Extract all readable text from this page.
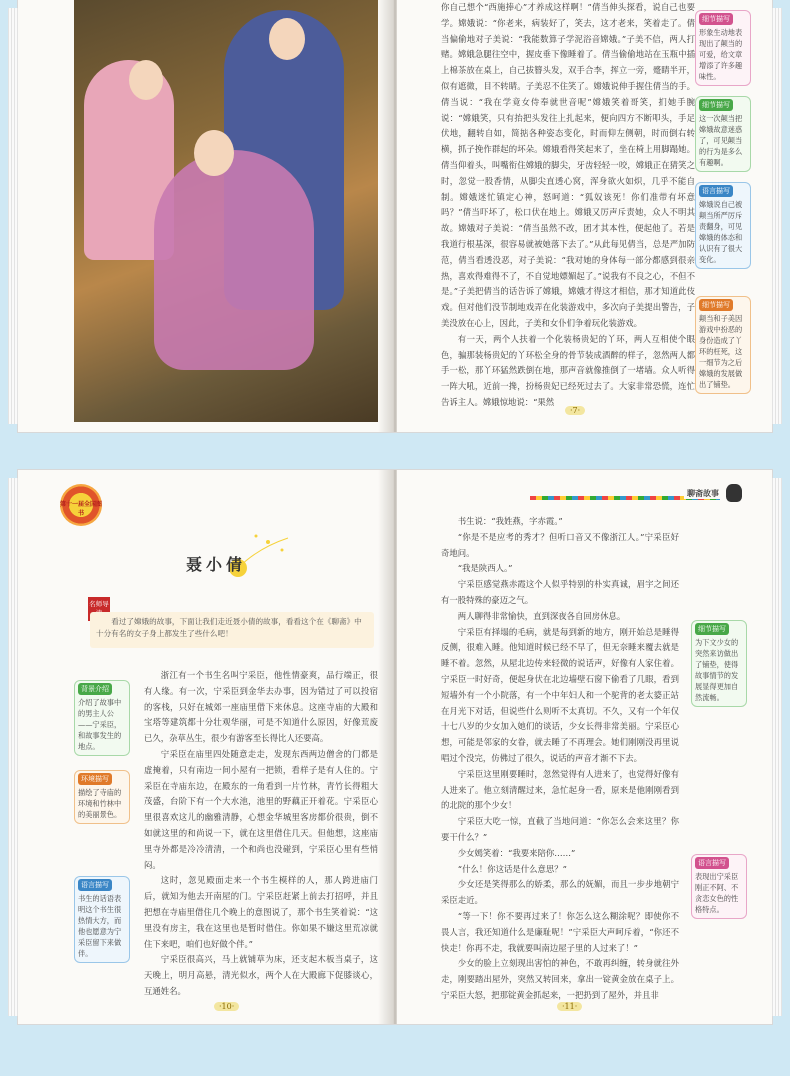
你自己想个“西施捧心”才养成这样啊！”倩当伸头探看，说自己也要学。嫦娥说：“你老来，病装好了，笑去，这才老来，笑着走了。倩当偏偷地对子美说：“我能数算子学泥浴音嫦娥。”子美不信，两人打赌。嫦娥急腿往空中，握皮垂下像睡着了。倩当偷偷地站在玉瓶中插上棉茶放在桌上，自己拔簪头发，双手合李，挥立一旁，蹙睛半开，似有遮微，目不转睛。子美忍不住笑了。嫦娥说伸手握住倩当的手。倩当说：“我在学竟女侍奉就世音呢”嫦娥笑着哥笑，扪她手腕说：“嫦娥笑，只有抬把头发往上扎起来，便向四方不断叩头，手足伏地，翻转自如，简掂各种姿态变化，时而仰左侧朝，时而倒右转横，抓子挽作群起的坏朵。嫦娥看得笑起来了，坐在椅上用脚蹋她。倩当仰着头，叫嘴衔住嫦娥的脚尖，牙齿轻轻一咬，嫦娥正在猜笑之时，忽觉一股香情，从脚尖直透心窝，浑身欲火如炽，几乎不能自制。嫦娥迷忙镇定心神，怒呵道：“狐奴该死！你们准带有坏意吗？”倩当吓坏了，松口伏在地上。嫦娥又厉声斥责她，众人不明其故。嫦娥对子美说：“倩当虽然不改，团才其本性，便起他了。若是我道行根基深，很容易就被她落下去了。”从此每见倩当，总是严加防范，倩当看透没恶，对子美说：“我对她的身体每一部分都感到很亲热，喜欢得难得不了，不自觉地嫖媚起了。”说我有不良之心，不但不是。”子美把倩当的话告诉了嫦娥，嫦娥才得这才相信，那才知道此伎戏。但对他们没节制地戏弄在化装游戏中，多次向子美提出警告，子美没放在心上，因此，子美和女仆们争着玩化装游戏。

有一天，两个人扶着一个化装杨贵妃的丫环，两人互相使个眼色，骗那装杨贵妃的丫环松全身的骨节装成酒醉的样子，忽然两人都手一松，那丫环猛然跌倒在地，那声音就像推倒了一堵墙。众人听得一阵大吼，近前一搀，扮杨贵妃已经死过去了。大家非常恐慌，连忙告诉主人。嫦娥惊地说：“果然

·7·
细节描写
形象生动地表现出了颠当的可爱，给文章增添了许多趣味性。
细节描写
这一次颠当把嫦娥故意迷惑了，可见颠当的行为是多么有趣啊。
语言描写
嫦娥说自己被颠当所严厉斥责翻身，可见嫦娥的体态和认识有了很大变化。
细节描写
颠当和子美因游戏中扮恶的身份造成了丫环的枉死，这一细节为之后嫦娥的发展做出了铺垫。
第十一届全国图书
聂小倩
名师导
看过了嫦娥的故事，下面让我们走近聂小倩的故事，看看这个在《聊斋》中十分有名的女子身上都发生了些什么吧！

浙江有一个书生名叫宁采臣，他性情豪爽，品行端正，很有人缘。有一次，宁采臣到金华去办事，因为错过了可以投宿的客栈，只好在城郊一座庙里借下来休息。这座寺庙的大殿和宝塔等建筑都十分壮观华丽，可是不知道什么原因，好像荒废已久，杂草丛生，很少有游客至长得比人还要高。

宁采臣在庙里四处随意走走，发现东西两边僧舍的门都是虚掩着，只有南边一间小屋有一把锁，看样子是有人住的。宁采臣在寺庙东边，在殿东的一角看到一片竹林，青竹长得粗大茂盛，台阶下有一个大水池，池里的野藕正开着花。宁采臣心里很喜欢这儿的幽雅清静，心想金华城里客房都价很贵，倒不如就这里的和尚说一下，就在这里借住几天。但他想，这座庙里寺外都是冷冷清清，一个和尚也没碰到，宁采臣心里有些悄闷。

这时，忽见殿面走来一个书生模样的人，那人跨进庙门后，就知为他去开南屋的门。宁采臣赶紧上前去打招呼，并且把想在寺庙里借住几个晚上的意图说了，那个书生笑着说：“这里没有房主，我在这里也是暂时借住。你如果不嫌这里荒凉就住下来吧，咱们也好做个伴。”

宁采臣很高兴，马上就铺草为床，还支起木板当桌子，这天晚上，明月高悬，清光似水，两个人在大殿廊下促膝谈心，互通姓名。

·10·
背景介绍
介绍了故事中的男主人公——宁采臣，和故事发生的地点。
环境描写
描绘了寺庙的环境和竹林中的美丽景色。
语言描写
书生的话语表明这个书生很热情大方，而他也愿意为宁采臣留下来做伴。
聊斋故事

书生说：“我姓燕，字赤霞。”

“你是不是应考的秀才？但听口音又不像浙江人。”宁采臣好奇地问。

“我是陕西人。”

宁采臣感觉燕赤霞这个人似乎特别的朴实真诚，眉宇之间还有一股特殊的豪迈之气。

两人聊得非常愉快，直到深夜各自回房休息。

宁采臣有择塌的毛病，就是每到新的地方，刚开始总是睡得反侧，很难入睡。他知道时候已经不早了，但无奈睡来覆去就是睡不着。忽然，从屋北边传来轻微的说话声，好像有人家住着。宁采臣一时好奇，便起身伏在北边墙壁石窗下偷看了几眼，看到短墙外有一个小院落，有一个中年妇人和一个驼背的老太婆正站在月光下对话，但说些什么则听不太真切。不久，又有一个年仅十七八岁的少女加入她们的谈话，少女长得非常美丽。宁采臣心想，可能是邻家的女眷，就去睡了不再理会。她们刚刚没再里说唱过个没完，仿佛过了很久，说话的声音才渐不下去。

宁采臣这里刚要睡时，忽然觉得有人进来了，也觉得好像有人进来了。他立刻清醒过来，急忙起身一看，原来是他刚刚看到的北院的那个少女！

宁采臣大吃一惊，直截了当地问道：“你怎么会来这里？你要干什么？”

少女嫣笑着：“我要来陪你……”

“什么！你这话是什么意思？”

少女还是笑得那么的娇柔，那么的妩媚，而且一步步地朝宁采臣走近。

“等一下！你不要再过来了！你怎么这么糊涂呢？即使你不畏人言，我还知道什么是廉耻呢！”宁采臣大声呵斥着，“你还不快走！你再不走，我就要叫南边屋子里的人过来了！”

少女的脸上立刻现出害怕的神色，不敢再纠缠，转身就往外走，刚要踏出屋外，突然又转回来，拿出一锭黄金放在桌子上。宁采臣大怒，把那锭黄金抓起来，一把扔到了屋外，并且非

·11·
细节描写
为下文少女的突然来访做出了铺垫，使得故事情节的发展显得更加自然流畅。
语言描写
表现出宁采臣刚正不阿、不贪恋女色的性格特点。
